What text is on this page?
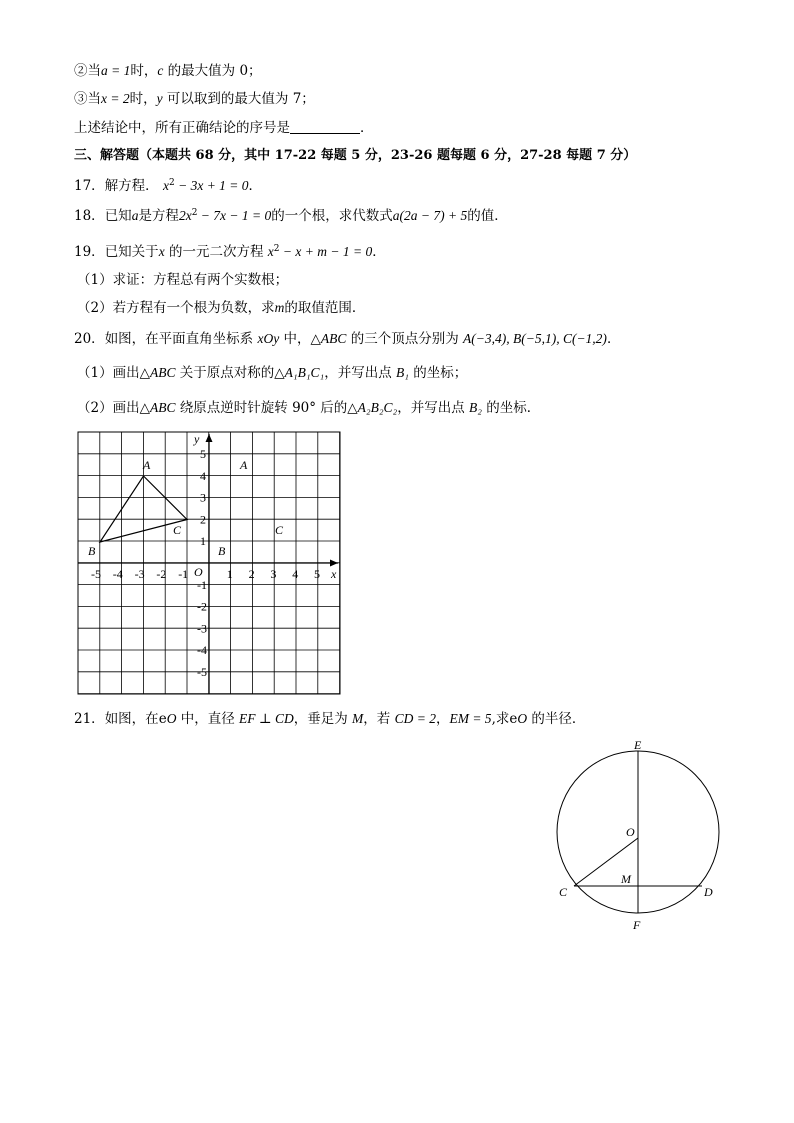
②当a = 1时，c 的最大值为 0；
③当x = 2时，y 可以取到的最大值为 7；
上述结论中，所有正确结论的序号是	．
三、解答题（本题共 68 分，其中 17-22 每题 5 分，23-26 题每题 6 分，27-28 每题 7 分）
17．解方程． $x^2 - 3x + 1 = 0$．
18．已知a是方程$2x^2 - 7x - 1 = 0$的一个根，求代数式a(2a − 7) + 5的值．
19．已知关于x 的一元二次方程 $x^2 - x + m - 1 = 0$．
（1）求证：方程总有两个实数根；
（2）若方程有一个根为负数，求m的取值范围．
20．如图，在平面直角坐标系 xOy 中，△ABC 的三个顶点分别为 A(−3,4), B(−5,1), C(−1,2)．
（1）画出△ABC 关于原点对称的△A₁B₁C₁，并写出点 B₁ 的坐标；
（2）画出△ABC 绕原点逆时针旋转 90° 后的△A₂B₂C₂，并写出点 B₂ 的坐标．
-5 -4 -3 -2 -1	1 2 3 4 5
5
4
3
2
1
-1
-2
-3
-4
-5
O	x
y
A
B
C
A
C
B
21．如图，在eO 中，直径 EF ⊥ CD，垂足为 M，若 CD = 2，EM = 5,求eO 的半径．
E
O
M
C	D
F
